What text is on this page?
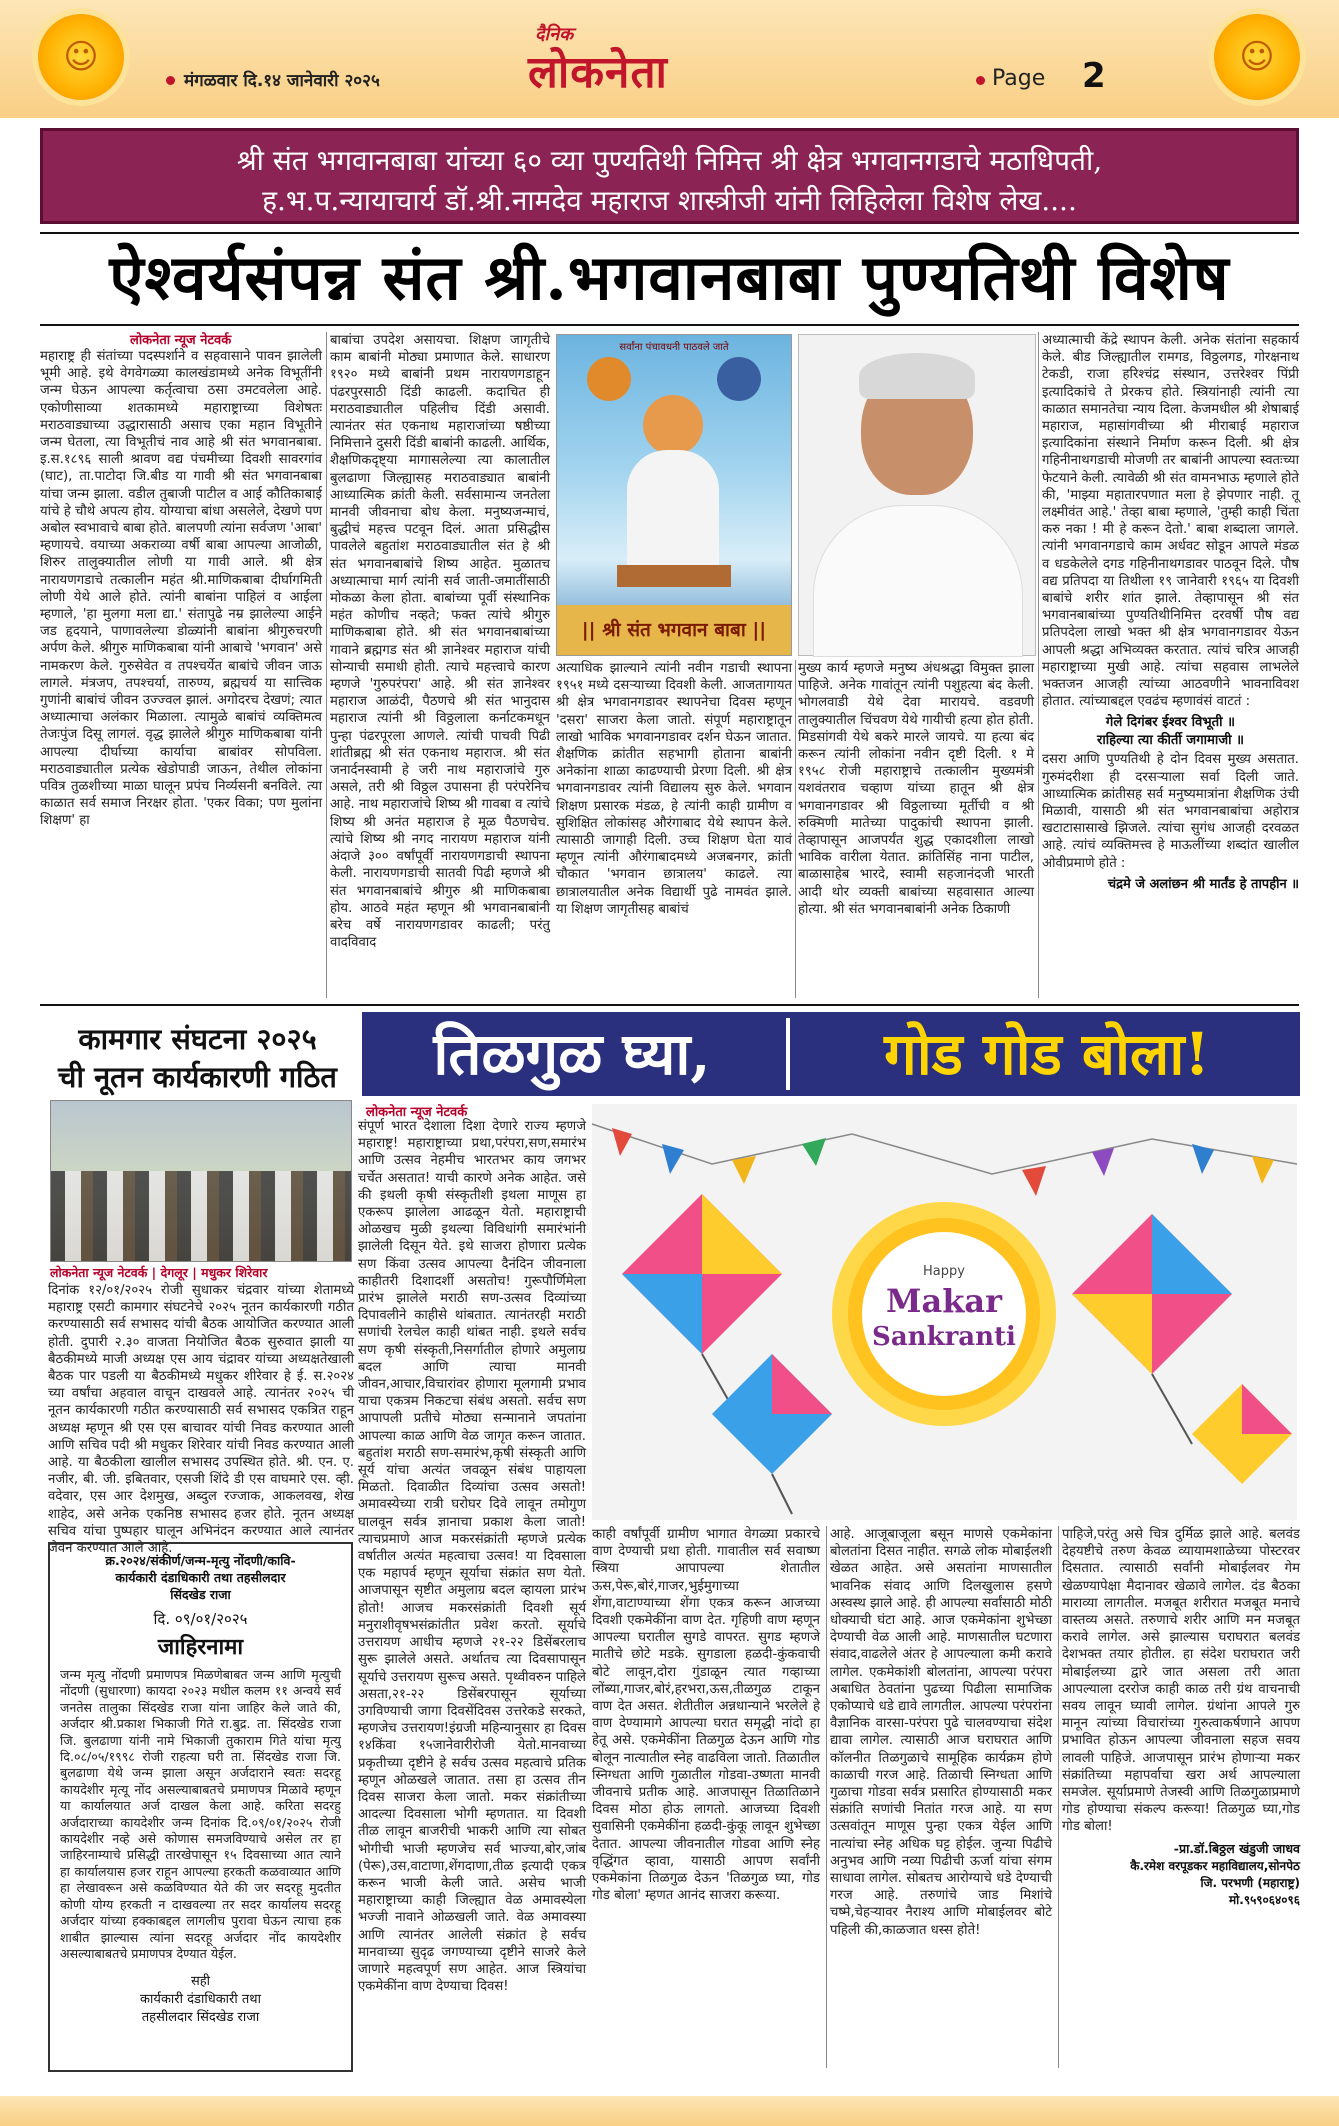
☺	☺
मंगळवार दि.१४ जानेवारी २०२५
दैनिक
लोकनेता	Page 2
श्री संत भगवानबाबा यांच्या ६० व्या पुण्यतिथी निमित्त श्री क्षेत्र भगवानगडाचे मठाधिपती,
ह.भ.प.न्यायाचार्य डॉ.श्री.नामदेव महाराज शास्त्रीजी यांनी लिहिलेला विशेष लेख....
ऐश्वर्यसंपन्न संत श्री.भगवानबाबा पुण्यतिथी विशेष
लोकनेता न्यूज नेटवर्क
महाराष्ट्र ही संतांच्या पदस्पर्शाने व सहवासाने पावन झालेली भूमी आहे. इथे वेगवेगळ्या कालखंडामध्ये अनेक विभूतींनी जन्म घेऊन आपल्या कर्तृत्वाचा ठसा उमटवलेला आहे. एकोणीसाव्या शतकामध्ये महाराष्ट्राच्या विशेषतः मराठवाड्याच्या उद्धारासाठी असाच एका महान विभूतीने जन्म घेतला, त्या विभूतीचं नाव आहे श्री संत भगवानबाबा. इ.स.१८९६ साली श्रावण वद्य पंचमीच्या दिवशी सावरगांव (घाट), ता.पाटोदा जि.बीड या गावी श्री संत भगवानबाबा यांचा जन्म झाला. वडील तुबाजी पाटील व आई कौतिकाबाई यांचे हे चौथे अपत्य होय. योग्याचा बांधा असलेले, देखणे पण अबोल स्वभावाचे बाबा होते. बालपणी त्यांना सर्वजण 'आबा' म्हणायचे. वयाच्या अकराव्या वर्षी बाबा आपल्या आजोळी, शिरुर तालुक्यातील लोणी या गावी आले. श्री क्षेत्र नारायणगडाचे तत्कालीन महंत श्री.माणिकबाबा दीर्घागमिती लोणी येथे आले होते. त्यांनी बाबांना पाहिलं व आईला म्हणाले, 'हा मुलगा मला द्या.' संतापुढे नम्र झालेल्या आईने जड हृदयाने, पाणावलेल्या डोळ्यांनी बाबांना श्रीगुरुचरणी अर्पण केले. श्रीगुरु माणिकबाबा यांनी आबाचे 'भगवान' असे नामकरण केले. गुरुसेवेत व तपश्चर्येत बाबांचे जीवन जाऊ लागले. मंत्रजप, तपश्चर्या, तारुण्य, ब्रह्मचर्य या सात्त्विक गुणांनी बाबांचं जीवन उज्ज्वल झालं. अगोदरच देखणं; त्यात अध्यात्माचा अलंकार मिळाला. त्यामुळे बाबांचं व्यक्तिमत्व तेजःपुंज दिसू लागलं. वृद्ध झालेले श्रीगुरु माणिकबाबा यांनी आपल्या दीर्घाच्या कार्याचा बाबांवर सोपविला. मराठवाड्यातील प्रत्येक खेडोपाडी जाऊन, तेथील लोकांना पवित्र तुळशीच्या माळा घालून प्रपंच निर्व्यसनी बनविले. त्या काळात सर्व समाज निरक्षर होता. 'एकर विका; पण मुलांना शिक्षण' हा
बाबांचा उपदेश असायचा. शिक्षण जागृतीचे काम बाबांनी मोठ्या प्रमाणात केले. साधारण १९२० मध्ये बाबांनी प्रथम नारायणगडाहून पंढरपुरसाठी दिंडी काढली. कदाचित ही मराठवाड्यातील पहिलीच दिंडी असावी. त्यानंतर संत एकनाथ महाराजांच्या षष्ठीच्या निमित्ताने दुसरी दिंडी बाबांनी काढली. आर्थिक, शैक्षणिकदृष्ट्या मागासलेल्या त्या कालातील बुलढाणा जिल्ह्यासह मराठवाड्यात बाबांनी आध्यात्मिक क्रांती केली. सर्वसामान्य जनतेला मानवी जीवनाचा बोध केला. मनुष्यजन्माचं, बुद्धीचं महत्त्व पटवून दिलं. आता प्रसिद्धीस पावलेले बहुतांश मराठवाड्यातील संत हे श्री संत भगवानबाबांचे शिष्य आहेत. मुळातच अध्यात्माचा मार्ग त्यांनी सर्व जाती-जमातींसाठी मोकळा केला होता. बाबांच्या पूर्वी संस्थानिक महंत कोणीच नव्हते; फक्त त्यांचे श्रीगुरु माणिकबाबा होते. श्री संत भगवानबाबांच्या गावाने ब्रह्मगड संत श्री ज्ञानेश्वर महाराज यांची सोन्याची समाधी होती. त्याचे महत्त्वाचे कारण म्हणजे 'गुरुपरंपरा' आहे. श्री संत ज्ञानेश्वर महाराज आळंदी, पैठणचे श्री संत भानुदास महाराज त्यांनी श्री विठ्ठलाला कर्नाटकमधून पुन्हा पंढरपूरला आणले. त्यांची पाचवी पिढी शांतीब्रह्म श्री संत एकनाथ महाराज. श्री संत जनार्दनस्वामी हे जरी नाथ महाराजांचे गुरु असले, तरी श्री विठ्ठल उपासना ही परंपरेनिच आहे. नाथ महाराजांचे शिष्य श्री गावबा व त्यांचे शिष्य श्री अनंत महाराज हे मूळ पैठणचेच. त्यांचे शिष्य श्री नगद नारायण महाराज यांनी अंदाजे ३०० वर्षांपूर्वी नारायणगडाची स्थापना केली. नारायणगडाची सातवी पिढी म्हणजे श्री संत भगवानबाबांचे श्रीगुरु श्री माणिकबाबा होय. आठवे महंत म्हणून श्री भगवानबाबांनी बरेच वर्षे नारायणगडावर काढली; परंतु वादविवाद
सर्वांना पंचावधनी पाठवले जाते
|| श्री संत भगवान बाबा ||
अत्याधिक झाल्याने त्यांनी नवीन गडाची स्थापना १९५१ मध्ये दसऱ्याच्या दिवशी केली. आजतागायत श्री क्षेत्र भगवानगडावर स्थापनेचा दिवस म्हणून 'दसरा' साजरा केला जातो. संपूर्ण महाराष्ट्रातून लाखो भाविक भगवानगडावर दर्शन घेऊन जातात. शैक्षणिक क्रांतीत सहभागी होताना बाबांनी अनेकांना शाळा काढण्याची प्रेरणा दिली. श्री क्षेत्र भगवानगडावर त्यांनी विद्यालय सुरु केले. भगवान शिक्षण प्रसारक मंडळ, हे त्यांनी काही ग्रामीण व सुशिक्षित लोकांसह औरंगाबाद येथे स्थापन केले. त्यासाठी जागाही दिली. उच्च शिक्षण घेता यावं म्हणून त्यांनी औरंगाबादमध्ये अजबनगर, क्रांती चौकात 'भगवान छात्रालय' काढले. त्या छात्रालयातील अनेक विद्यार्थी पुढे नामवंत झाले. या शिक्षण जागृतीसह बाबांचं
मुख्य कार्य म्हणजे मनुष्य अंधश्रद्धा विमुक्त झाला पाहिजे. अनेक गावांतून त्यांनी पशुहत्या बंद केली. भोगलवाडी येथे देवा मारायचे. वडवणी तालुक्यातील चिंचवण येथे गायीची हत्या होत होती. मिडसांगवी येथे बकरे मारले जायचे. या हत्या बंद करून त्यांनी लोकांना नवीन दृष्टी दिली. १ मे १९५८ रोजी महाराष्ट्राचे तत्कालीन मुख्यमंत्री यशवंतराव चव्हाण यांच्या हातून श्री क्षेत्र भगवानगडावर श्री विठ्ठलाच्या मूर्तीची व श्री रुक्मिणी मातेच्या पादुकांची स्थापना झाली. तेव्हापासून आजपर्यंत शुद्ध एकादशीला लाखो भाविक वारीला येतात. क्रांतिसिंह नाना पाटील, बाळासाहेब भारदे, स्वामी सहजानंदजी भारती आदी थोर व्यक्ती बाबांच्या सहवासात आल्या होत्या. श्री संत भगवानबाबांनी अनेक ठिकाणी
अध्यात्माची केंद्रे स्थापन केली. अनेक संतांना सहकार्य केले. बीड जिल्ह्यातील रामगड, विठ्ठलगड, गोरक्षनाथ टेकडी, राजा हरिश्चंद्र संस्थान, उत्तरेश्वर पिंप्री इत्यादिकांचे ते प्रेरकच होते. स्त्रियांनाही त्यांनी त्या काळात समानतेचा न्याय दिला. केजमधील श्री शेषाबाई महाराज, महासांगवीच्या श्री मीराबाई महाराज इत्यादिकांना संस्थाने निर्माण करून दिली. श्री क्षेत्र गहिनीनाथगडाची मोजणी तर बाबांनी आपल्या स्वतःच्या फेटयाने केली. त्यावेळी श्री संत वामनभाऊ म्हणाले होते की, 'माझ्या महातारपणात मला हे झेपणार नाही. तू लक्ष्मीवंत आहे.' तेव्हा बाबा म्हणाले, 'तुम्ही काही चिंता करु नका ! मी हे करून देतो.' बाबा शब्दाला जागले. त्यांनी भगवानगडाचे काम अर्धवट सोडून आपले मंडळ व धडकेलेले दगड गहिनीनाथगडावर पाठवून दिले. पौष वद्य प्रतिपदा या तिथीला १९ जानेवारी १९६५ या दिवशी बाबांचे शरीर शांत झाले. तेव्हापासून श्री संत भगवानबाबांच्या पुण्यतिथीनिमित्त दरवर्षी पौष वद्य प्रतिपदेला लाखो भक्त श्री क्षेत्र भगवानगडावर येऊन आपली श्रद्धा अभिव्यक्त करतात. त्यांचं चरित्र आजही महाराष्ट्राच्या मुखी आहे. त्यांचा सहवास लाभलेले भक्तजन आजही त्यांच्या आठवणीने भावनाविवश होतात. त्यांच्याबद्दल एवढंच म्हणावंसं वाटतं :
गेले दिगंबर ईश्वर विभूती ॥
राहिल्या त्या कीर्ती जगामाजी ॥
दसरा आणि पुण्यतिथी हे दोन दिवस मुख्य असतात. गुरुमंदरीशा ही दरसऱ्याला सर्वा दिली जाते. आध्यात्मिक क्रांतीसह सर्व मनुष्यमात्रांना शैक्षणिक उंची मिळावी, यासाठी श्री संत भगवानबाबांचा अहोरात्र खटाटासासाखे झिजले. त्यांचा सुगंध आजही दरवळत आहे. त्यांचं व्यक्तिमत्त्व हे माऊलींच्या शब्दांत खालील ओवीप्रमाणे होते :
चंद्रमे जे अलांछन श्री मार्तंड हे तापहीन ॥
कामगार संघटना २०२५
ची नूतन कार्यकारणी गठित
लोकनेता न्यूज नेटवर्क | देगलूर | मधुकर शिरेवार
दिनांक १२/०१/२०२५ रोजी सुधाकर चंद्रवार यांच्या शेतामध्ये महाराष्ट्र एसटी कामगार संघटनेचे २०२५ नूतन कार्यकारणी गठीत करण्यासाठी सर्व सभासद यांची बैठक आयोजित करण्यात आली होती. दुपारी २.३० वाजता नियोजित बैठक सुरुवात झाली या बैठकीमध्ये माजी अध्यक्ष एस आय चंद्रावर यांच्या अध्यक्षतेखाली बैठक पार पडली या बैठकीमध्ये मधुकर शीरेवार हे ई. स.२०२४ च्या वर्षांचा अहवाल वाचून दाखवले आहे. त्यानंतर २०२५ ची नूतन कार्यकारणी गठीत करण्यासाठी सर्व सभासद एकत्रित राहून अध्यक्ष म्हणून श्री एस एस बाचावर यांची निवड करण्यात आली आणि सचिव पदी श्री मधुकर शिरेवार यांची निवड करण्यात आली आहे. या बैठकीला खालील सभासद उपस्थित होते. श्री. एन. ए. नजीर, बी. जी. इबितवार, एसजी शिंदे डी एस वाघमारे एस. व्ही. वदेवार, एस आर देशमुख, अब्दुल रज्जाक, आकलवख, शेख शाहेद, असे अनेक एकनिष्ठ सभासद हजर होते. नूतन अध्यक्ष सचिव यांचा पुष्पहार घालून अभिनंदन करण्यात आले त्यानंतर जेवन करण्यात आले आहे.
क्र.२०२४/संकीर्ण/जन्म-मृत्यु नोंदणी/कावि-
कार्यकारी दंडाधिकारी तथा तहसीलदार
सिंदखेड राजा
दि. ०९/०१/२०२५
जाहिरनामा
जन्म मृत्यु नोंदणी प्रमाणपत्र मिळणेबाबत जन्म आणि मृत्युची नोंदणी (सुधारणा) कायदा २०२३ मधील कलम ११ अन्वये सर्व जनतेस तालुका सिंदखेड राजा यांना जाहिर केले जाते की, अर्जदार श्री.प्रकाश भिकाजी गिते रा.बुद्र. ता. सिंदखेड राजा जि. बुलढाणा यांनी नामे भिकाजी तुकाराम गिते यांचा मृत्यु दि.०८/०५/१९९८ रोजी राहत्या घरी ता. सिंदखेड राजा जि. बुलढाणा येथे जन्म झाला असून अर्जदाराने स्वतः सदरहू कायदेशीर मृत्यू नोंद असल्याबाबतचे प्रमाणपत्र मिळावे म्हणून या कार्यालयात अर्ज दाखल केला आहे. करिता सदरहु अर्जदाराच्या कायदेशीर जन्म दिनांक दि.०९/०१/२०२५ रोजी कायदेशीर नव्हे असे कोणास समजविण्याचे असेल तर हा जाहिरनाम्याचे प्रसिद्धी तारखेपासून १५ दिवसाच्या आत त्याने हा कार्यालयास हजर राहून आपल्या हरकती कळवाव्यात आणि हा लेखावरून असे कळविण्यात येते की जर सदरहू मुदतीत कोणी योग्य हरकती न दाखवल्या तर सदर कार्यालय सदरहू अर्जदार यांच्या हक्काबद्दल लागलीच पुरावा घेऊन त्याचा हक शाबीत झाल्यास त्यांना सदरहू अर्जदार नोंद कायदेशीर असल्याबाबतचे प्रमाणपत्र देण्यात येईल.
सही
कार्यकारी दंडाधिकारी तथा
तहसीलदार सिंदखेड राजा
तिळगुळ घ्या,	गोड गोड बोला!
लोकनेता न्यूज नेटवर्क
संपूर्ण भारत देशाला दिशा देणारे राज्य म्हणजे महाराष्ट्र! महाराष्ट्राच्या प्रथा,परंपरा,सण,समारंभ आणि उत्सव नेहमीच भारतभर काय जगभर चर्चेत असतात! याची कारणे अनेक आहेत. जसे की इथली कृषी संस्कृतीशी इथला माणूस हा एकरूप झालेला आढळून येतो. महाराष्ट्राची ओळखच मुळी इथल्या विविधांगी समारंभांनी झालेली दिसून येते. इथे साजरा होणारा प्रत्येक सण किंवा उत्सव आपल्या दैनंदिन जीवनाला काहीतरी दिशादर्शी असतोच! गुरूपौर्णिमेला प्रारंभ झालेले मराठी सण-उत्सव दिव्यांच्या दिपावलीने काहीसे थांबतात. त्यानंतरही मराठी सणांची रेलचेल काही थांबत नाही. इथले सर्वच सण कृषी संस्कृती,निसर्गातील होणारे अमुलाग्र बदल आणि त्याचा मानवी जीवन,आचार,विचारांवर होणारा मूलगामी प्रभाव याचा एकत्रम निकटचा संबंध असतो. सर्वच सण आपापली प्रतीचे मोठ्या सन्मानाने जपतांना आपल्या काळ आणि वेळ जागृत करून जातात. बहुतांश मराठी सण-समारंभ,कृषी संस्कृती आणि सूर्य यांचा अत्यंत जवळून संबंध पाहायला मिळतो. दिवाळीत दिव्यांचा उत्सव असतो! अमावस्येच्या रात्री घरोघर दिवे लावून तमोगुण घालवून सर्वत्र ज्ञानाचा प्रकाश केला जातो! त्याचप्रमाणे आज मकरसंक्रांती म्हणजे प्रत्येक वर्षातील अत्यंत महत्वाचा उत्सव! या दिवसाला एक महापर्व म्हणून सूर्याचा संक्रांत सण येतो. आजपासून सृष्टीत अमुलाग्र बदल व्हायला प्रारंभ होतो! आजच मकरसंक्रांती दिवशी सूर्य मनुराशीवृषभसंक्रांतीत प्रवेश करतो. सूर्याचे उत्तरायण आधीच म्हणजे २१-२२ डिसेंबरलाच सुरू झालेले असते. अर्थातच त्या दिवसापासून सूर्याचे उत्तरायण सुरूच असते. पृथ्वीवरुन पाहिले असता,२१-२२ डिसेंबरपासून सूर्याच्या उगविण्याची जागा दिवसेंदिवस उत्तरेकडे सरकते, म्हणजेच उत्तरायण!इंग्रजी महिन्यानुसार हा दिवस १४किंवा १५जानेवारीरोजी येतो.मानवाच्या प्रकृतीच्या दृष्टीने हे सर्वच उत्सव महत्वाचे प्रतिक म्हणून ओळखले जातात. तसा हा उत्सव तीन दिवस साजरा केला जातो. मकर संक्रांतीच्या आदल्या दिवसाला भोगी म्हणतात. या दिवशी तीळ लावून बाजरीची भाकरी आणि त्या सोबत भोगीची भाजी म्हणजेच सर्व भाज्या,बोर,जांब (पेरू),उस,वाटाणा,शेंगदाणा,तीळ इत्यादी एकत्र करून भाजी केली जाते. असेच भाजी महाराष्ट्राच्या काही जिल्ह्यात वेळ अमावस्येला भज्जी नावाने ओळखली जाते. वेळ अमावस्या आणि त्यानंतर आलेली संक्रांत हे सर्वच मानवाच्या सुदृढ जगण्याच्या दृष्टीने साजरे केले जाणारे महत्वपूर्ण सण आहेत. आज स्त्रियांचा एकमेकींना वाण देण्याचा दिवस!
Happy
Makar
Sankranti
काही वर्षांपूर्वी ग्रामीण भागात वेगळ्या प्रकारचे वाण देण्याची प्रथा होती. गावातील सर्व सवाष्ण स्त्रिया आपापल्या शेतातील ऊस,पेरू,बोरं,गाजर,भुईमुगाच्या शेंगा,वाटाण्याच्या शेंगा एकत्र करून आजच्या दिवशी एकमेकींना वाण देत. गृहिणी वाण म्हणून आपल्या घरातील सुगडे वापरत. सुगड म्हणजे मातीचे छोटे मडके. सुगडाला हळदी-कुंकवाची बोटे लावून,दोरा गुंडाळून त्यात गव्हाच्या लोंब्या,गाजर,बोरं,हरभरा,ऊस,तीळगुळ टाकून वाण देत असत. शेतीतील अन्नधान्याने भरलेले हे वाण देण्यामागे आपल्या घरात समृद्धी नांदो हा हेतू असे. एकमेकींना तिळगुळ देऊन आणि गोड बोलून नात्यातील स्नेह वाढविला जातो. तिळातील स्निग्धता आणि गुळातील गोडवा-उष्णता मानवी जीवनाचे प्रतीक आहे. आजपासून तिळातिळाने दिवस मोठा होऊ लागतो. आजच्या दिवशी सुवासिनी एकमेकींना हळदी-कुंकू लावून शुभेच्छा देतात. आपल्या जीवनातील गोडवा आणि स्नेह वृद्धिंगत व्हावा, यासाठी आपण सर्वांनी एकमेकांना तिळगुळ देऊन 'तिळगुळ घ्या, गोड गोड बोला' म्हणत आनंद साजरा करूया.
आहे. आजूबाजूला बसून माणसे एकमेकांना बोलतांना दिसत नाहीत. सगळे लोक मोबाईलशी खेळत आहेत. असे असतांना माणसातील भावनिक संवाद आणि दिलखुलास हसणे अस्वस्थ झाले आहे. ही आपल्या सर्वांसाठी मोठी धोक्याची घंटा आहे. आज एकमेकांना शुभेच्छा देण्याची वेळ आली आहे. माणसातील घटणारा संवाद,वाढलेले अंतर हे आपल्याला कमी करावे लागेल. एकमेकांशी बोलतांना, आपल्या परंपरा अबाधित ठेवतांना पुढच्या पिढीला सामाजिक एकोप्याचे धडे द्यावे लागतील. आपल्या परंपरांना वैज्ञानिक वारसा-परंपरा पुढे चालवण्याचा संदेश द्यावा लागेल. त्यासाठी आज घराघरात आणि कॉलनीत तिळगुळाचे सामूहिक कार्यक्रम होणे काळाची गरज आहे. तिळाची स्निग्धता आणि गुळाचा गोडवा सर्वत्र प्रसारित होण्यासाठी मकर संक्रांति सणांची नितांत गरज आहे. या सण उत्सवांतून माणूस पुन्हा एकत्र येईल आणि नात्यांचा स्नेह अधिक घट्ट होईल. जुन्या पिढीचे अनुभव आणि नव्या पिढीची ऊर्जा यांचा संगम साधावा लागेल. सोबतच आरोग्याचे धडे देण्याची गरज आहे. तरुणांचे जाड मिशांचे चष्मे,चेहऱ्यावर नैराश्य आणि मोबाईलवर बोटे पहिली की,काळजात धस्स होते!
पाहिजे,परंतु असे चित्र दुर्मिळ झाले आहे. बलवंड देहयष्टीचे तरुण केवळ व्यायामशाळेच्या पोस्टरवर दिसतात. त्यासाठी सर्वांनी मोबाईलवर गेम खेळण्यापेक्षा मैदानावर खेळावे लागेल. दंड बैठका माराव्या लागतील. मजबूत शरीरात मजबूत मनाचे वास्तव्य असते. तरुणाचे शरीर आणि मन मजबूत करावे लागेल. असे झाल्यास घराघरात बलवंड देशभक्त तयार होतील. हा संदेश घराघरात जरी मोबाईलच्या द्वारे जात असला तरी आता आपल्याला दररोज काही काळ तरी ग्रंथ वाचनाची सवय लावून घ्यावी लागेल. ग्रंथांना आपले गुरु मानून त्यांच्या विचारांच्या गुरुत्वाकर्षणाने आपण प्रभावित होऊन आपल्या जीवनाला सहज सवय लावली पाहिजे. आजपासून प्रारंभ होणाऱ्या मकर संक्रांतिच्या महापर्वाचा खरा अर्थ आपल्याला समजेल. सूर्याप्रमाणे तेजस्वी आणि तिळगुळाप्रमाणे गोड होण्याचा संकल्प करूया! तिळगुळ घ्या,गोड गोड बोला!
-प्रा.डॉ.बिठ्ठल खंडुजी जाधव
कै.रमेश वरपूडकर महाविद्यालय,सोनपेठ
जि. परभणी (महाराष्ट्र)
मो.९५९०६४०९६
